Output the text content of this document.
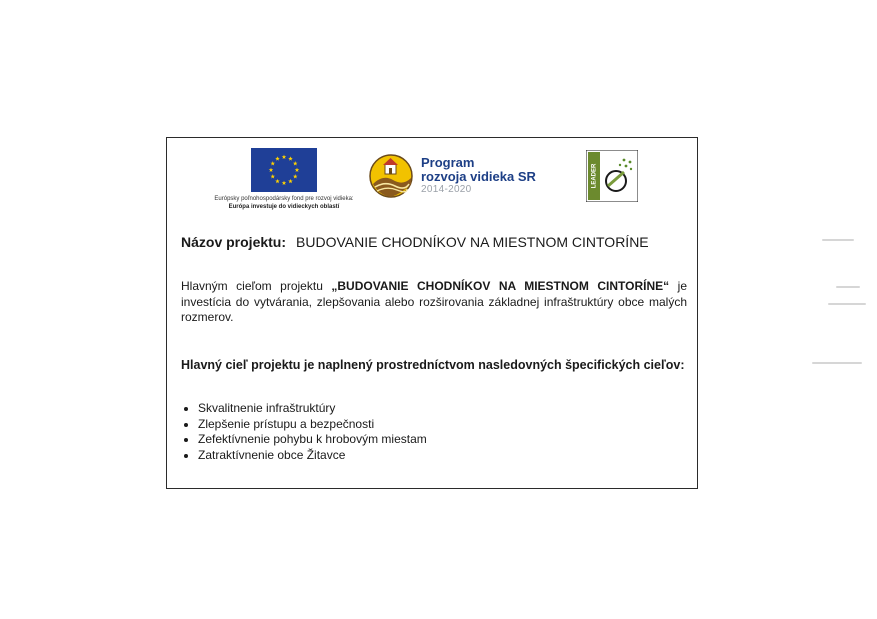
Európsky poľnohospodársky fond pre rozvoj vidieka:
Európa investuje do vidieckych oblastí
Program
rozvoja vidieka SR
2014-2020
LEADER
Názov projektu: BUDOVANIE CHODNÍKOV NA MIESTNOM CINTORÍNE
Hlavným cieľom projektu „BUDOVANIE CHODNÍKOV NA MIESTNOM CINTORÍNE“ je investícia do vytvárania, zlepšovania alebo rozširovania základnej infraštruktúry obce malých rozmerov.
Hlavný cieľ projektu je naplnený prostredníctvom nasledovných špecifických cieľov:
Skvalitnenie infraštruktúry
Zlepšenie prístupu a bezpečnosti
Zefektívnenie pohybu k hrobovým miestam
Zatraktívnenie obce Žitavce
